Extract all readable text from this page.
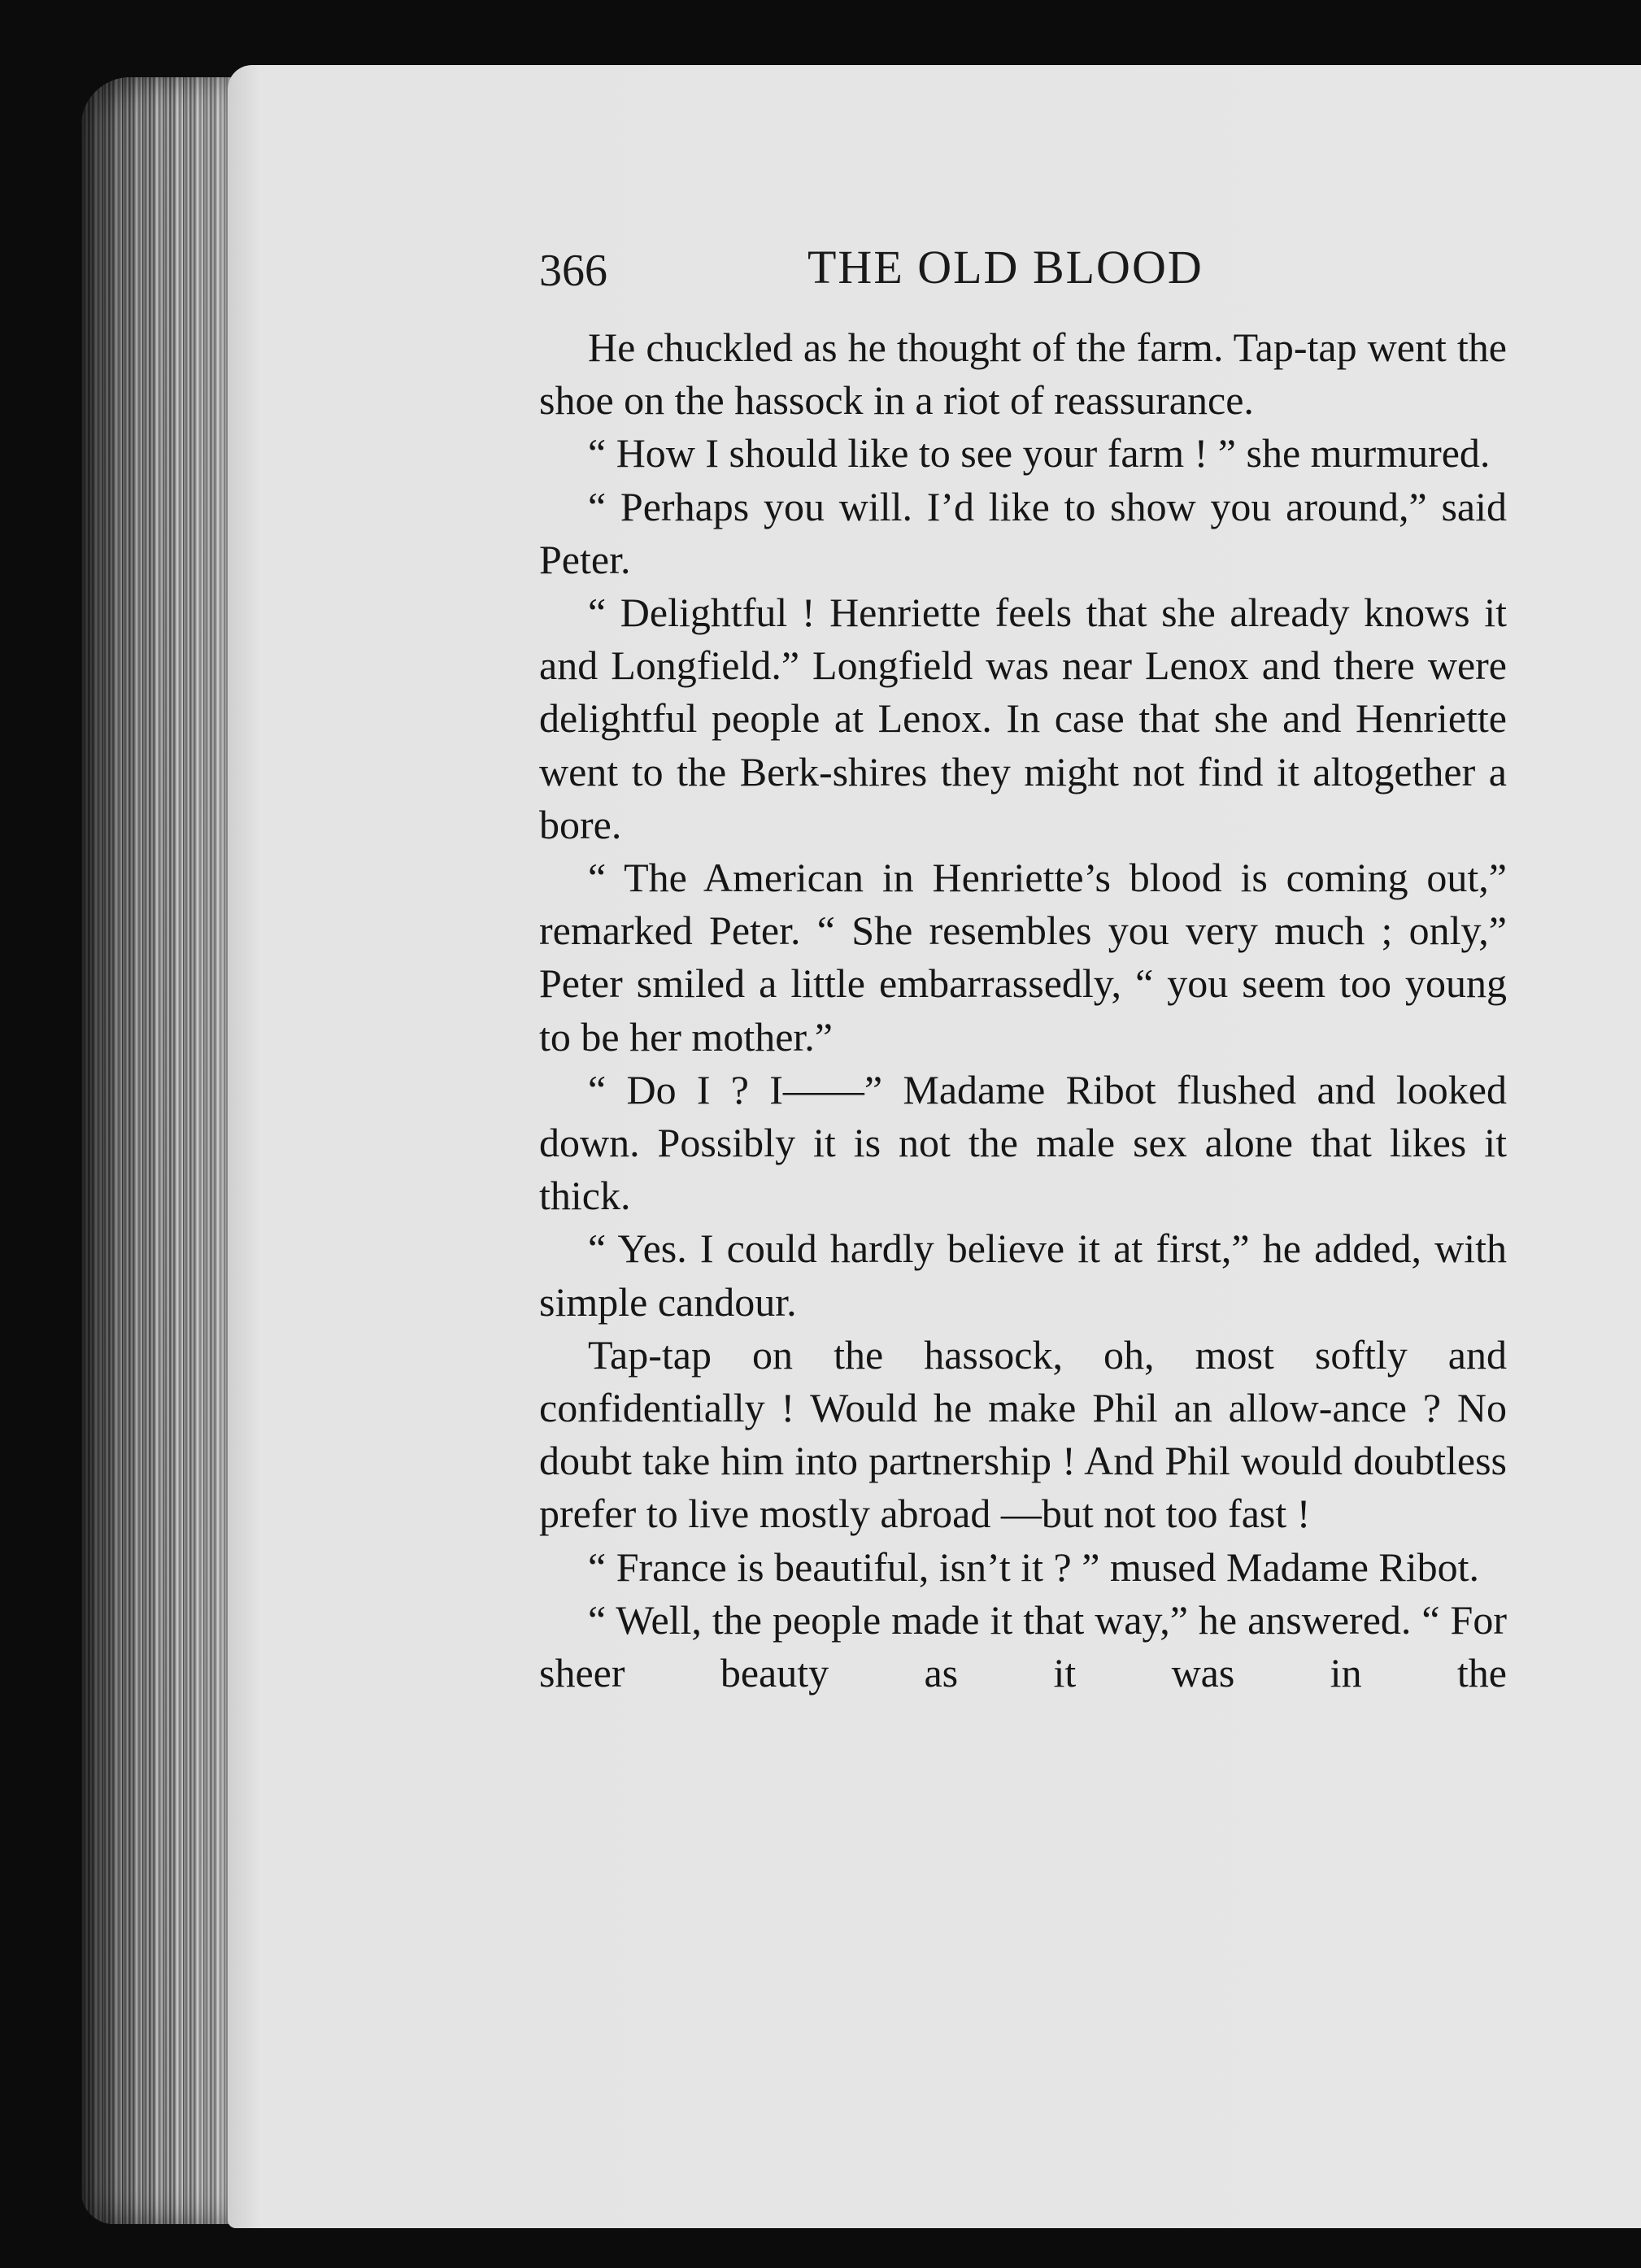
366	THE OLD BLOOD

He chuckled as he thought of the farm. Tap-tap went the shoe on the hassock in a riot of reassurance.

“ How I should like to see your farm ! ” she murmured.

“ Perhaps you will. I’d like to show you around,” said Peter.

“ Delightful ! Henriette feels that she already knows it and Longfield.” Longfield was near Lenox and there were delightful people at Lenox. In case that she and Henriette went to the Berk-shires they might not find it altogether a bore.

“ The American in Henriette’s blood is coming out,” remarked Peter. “ She resembles you very much ; only,” Peter smiled a little embarrassedly, “ you seem too young to be her mother.”

“ Do I ? I——” Madame Ribot flushed and looked down. Possibly it is not the male sex alone that likes it thick.

“ Yes. I could hardly believe it at first,” he added, with simple candour.

Tap-tap on the hassock, oh, most softly and confidentially ! Would he make Phil an allow-ance ? No doubt take him into partnership ! And Phil would doubtless prefer to live mostly abroad —but not too fast !

“ France is beautiful, isn’t it ? ” mused Madame Ribot.

“ Well, the people made it that way,” he answered. “ For sheer beauty as it was in the
